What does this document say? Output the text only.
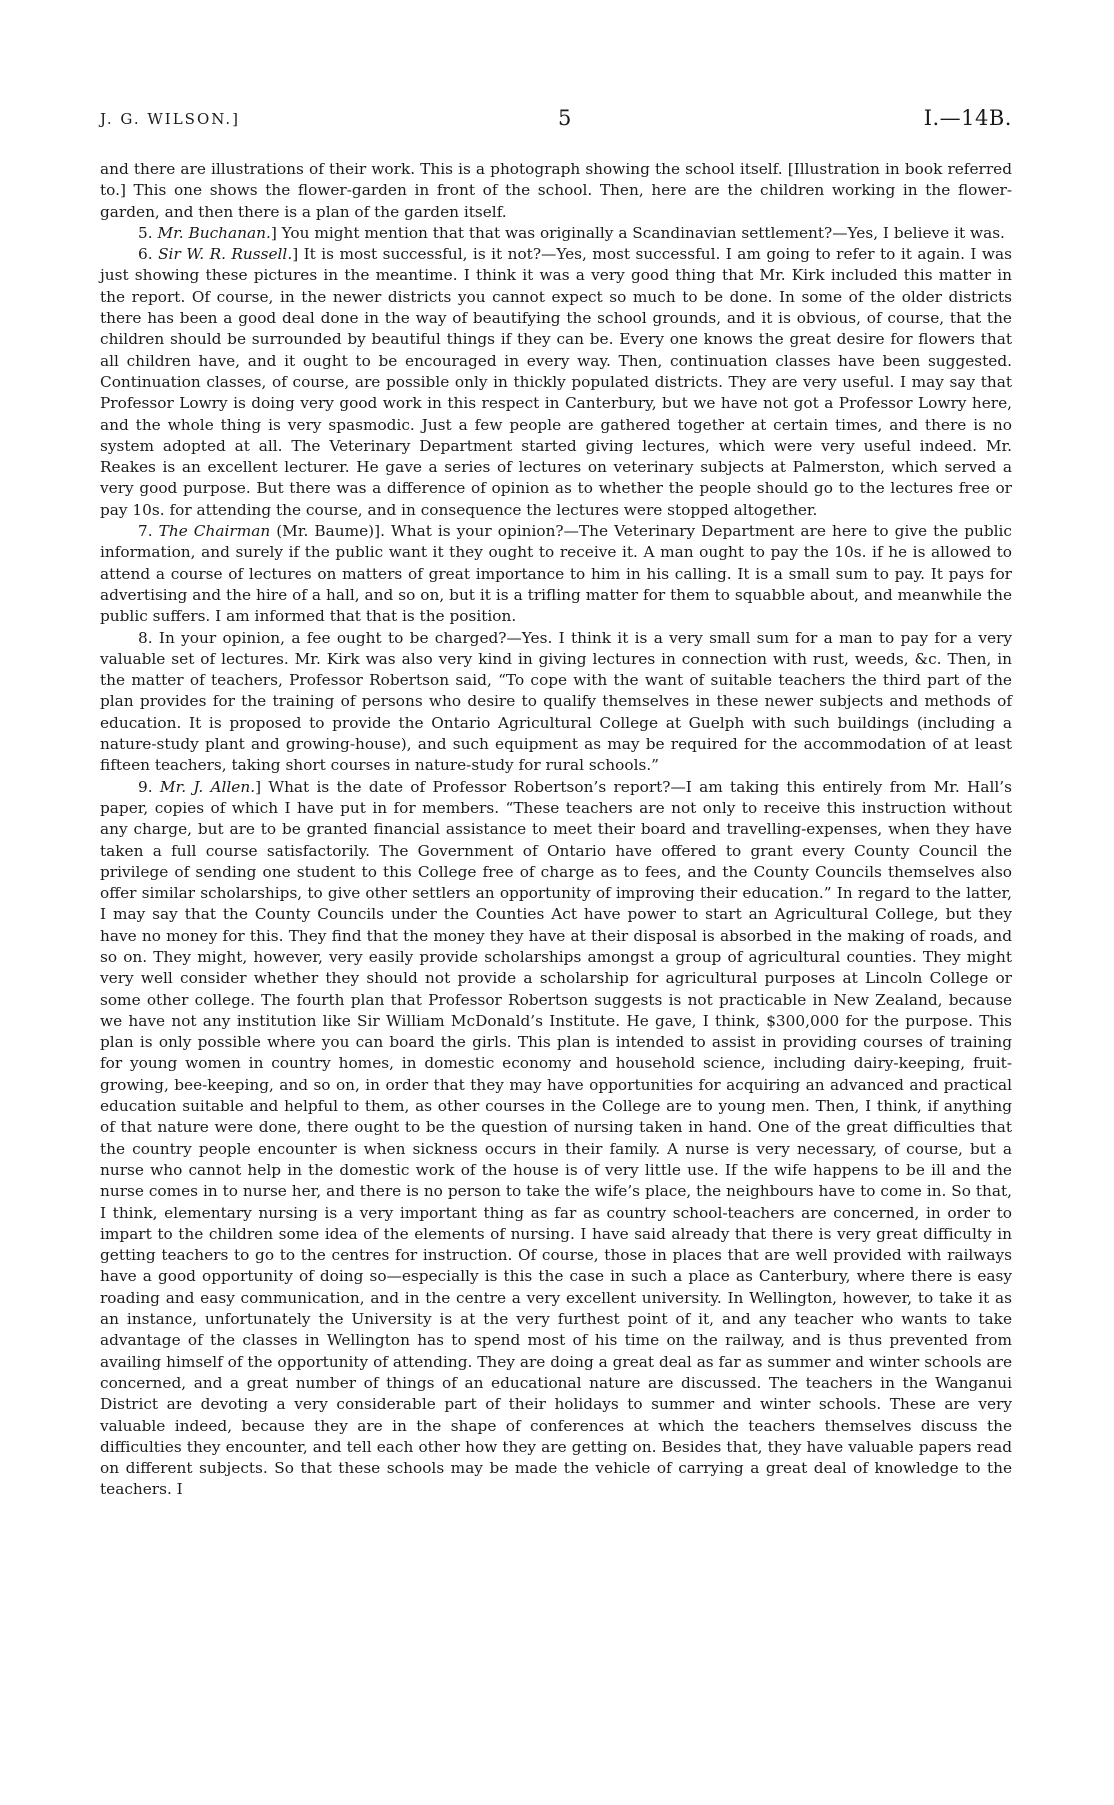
J. G. WILSON.]	5	I.—14B.

and there are illustrations of their work. This is a photograph showing the school itself. [Illustration in book referred to.] This one shows the flower-garden in front of the school. Then, here are the children working in the flower-garden, and then there is a plan of the garden itself.

5. Mr. Buchanan.] You might mention that that was originally a Scandinavian settlement?—Yes, I believe it was.

6. Sir W. R. Russell.] It is most successful, is it not?—Yes, most successful. I am going to refer to it again. I was just showing these pictures in the meantime. I think it was a very good thing that Mr. Kirk included this matter in the report. Of course, in the newer districts you cannot expect so much to be done. In some of the older districts there has been a good deal done in the way of beautifying the school grounds, and it is obvious, of course, that the children should be surrounded by beautiful things if they can be. Every one knows the great desire for flowers that all children have, and it ought to be encouraged in every way. Then, continuation classes have been suggested. Continuation classes, of course, are possible only in thickly populated districts. They are very useful. I may say that Professor Lowry is doing very good work in this respect in Canterbury, but we have not got a Professor Lowry here, and the whole thing is very spasmodic. Just a few people are gathered together at certain times, and there is no system adopted at all. The Veterinary Department started giving lectures, which were very useful indeed. Mr. Reakes is an excellent lecturer. He gave a series of lectures on veterinary subjects at Palmerston, which served a very good purpose. But there was a difference of opinion as to whether the people should go to the lectures free or pay 10s. for attending the course, and in consequence the lectures were stopped altogether.

7. The Chairman (Mr. Baume)]. What is your opinion?—The Veterinary Department are here to give the public information, and surely if the public want it they ought to receive it. A man ought to pay the 10s. if he is allowed to attend a course of lectures on matters of great importance to him in his calling. It is a small sum to pay. It pays for advertising and the hire of a hall, and so on, but it is a trifling matter for them to squabble about, and meanwhile the public suffers. I am informed that that is the position.

8. In your opinion, a fee ought to be charged?—Yes. I think it is a very small sum for a man to pay for a very valuable set of lectures. Mr. Kirk was also very kind in giving lectures in connection with rust, weeds, &c. Then, in the matter of teachers, Professor Robertson said, “To cope with the want of suitable teachers the third part of the plan provides for the training of persons who desire to qualify themselves in these newer subjects and methods of education. It is proposed to provide the Ontario Agricultural College at Guelph with such buildings (including a nature-study plant and growing-house), and such equipment as may be required for the accommodation of at least fifteen teachers, taking short courses in nature-study for rural schools.”

9. Mr. J. Allen.] What is the date of Professor Robertson’s report?—I am taking this entirely from Mr. Hall’s paper, copies of which I have put in for members. “These teachers are not only to receive this instruction without any charge, but are to be granted financial assistance to meet their board and travelling-expenses, when they have taken a full course satisfactorily. The Government of Ontario have offered to grant every County Council the privilege of sending one student to this College free of charge as to fees, and the County Councils themselves also offer similar scholarships, to give other settlers an opportunity of improving their education.” In regard to the latter, I may say that the County Councils under the Counties Act have power to start an Agricultural College, but they have no money for this. They find that the money they have at their disposal is absorbed in the making of roads, and so on. They might, however, very easily provide scholarships amongst a group of agricultural counties. They might very well consider whether they should not provide a scholarship for agricultural purposes at Lincoln College or some other college. The fourth plan that Professor Robertson suggests is not practicable in New Zealand, because we have not any institution like Sir William McDonald’s Institute. He gave, I think, $300,000 for the purpose. This plan is only possible where you can board the girls. This plan is intended to assist in providing courses of training for young women in country homes, in domestic economy and household science, including dairy-keeping, fruit-growing, bee-keeping, and so on, in order that they may have opportunities for acquiring an advanced and practical education suitable and helpful to them, as other courses in the College are to young men. Then, I think, if anything of that nature were done, there ought to be the question of nursing taken in hand. One of the great difficulties that the country people encounter is when sickness occurs in their family. A nurse is very necessary, of course, but a nurse who cannot help in the domestic work of the house is of very little use. If the wife happens to be ill and the nurse comes in to nurse her, and there is no person to take the wife’s place, the neighbours have to come in. So that, I think, elementary nursing is a very important thing as far as country school-teachers are concerned, in order to impart to the children some idea of the elements of nursing. I have said already that there is very great difficulty in getting teachers to go to the centres for instruction. Of course, those in places that are well provided with railways have a good opportunity of doing so—especially is this the case in such a place as Canterbury, where there is easy roading and easy communication, and in the centre a very excellent university. In Wellington, however, to take it as an instance, unfortunately the University is at the very furthest point of it, and any teacher who wants to take advantage of the classes in Wellington has to spend most of his time on the railway, and is thus prevented from availing himself of the opportunity of attending. They are doing a great deal as far as summer and winter schools are concerned, and a great number of things of an educational nature are discussed. The teachers in the Wanganui District are devoting a very considerable part of their holidays to summer and winter schools. These are very valuable indeed, because they are in the shape of conferences at which the teachers themselves discuss the difficulties they encounter, and tell each other how they are getting on. Besides that, they have valuable papers read on different subjects. So that these schools may be made the vehicle of carrying a great deal of knowledge to the teachers. I
